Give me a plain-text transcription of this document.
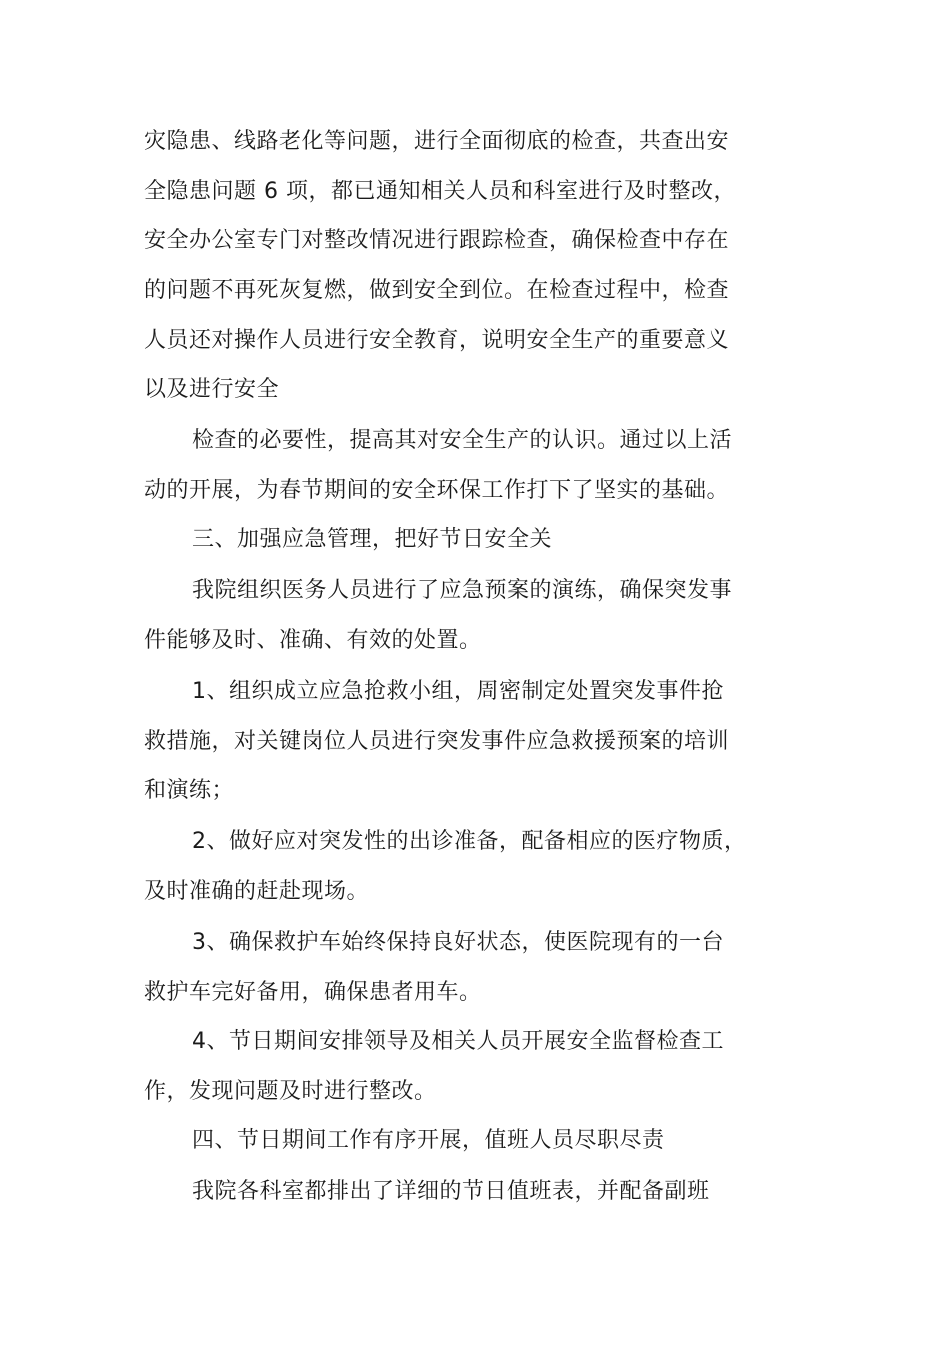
灾隐患、线路老化等问题，进行全面彻底的检查，共查出安
全隐患问题 6 项，都已通知相关人员和科室进行及时整改，
安全办公室专门对整改情况进行跟踪检查，确保检查中存在
的问题不再死灰复燃，做到安全到位。在检查过程中，检查
人员还对操作人员进行安全教育，说明安全生产的重要意义
以及进行安全
检查的必要性，提高其对安全生产的认识。通过以上活
动的开展，为春节期间的安全环保工作打下了坚实的基础。
三、加强应急管理，把好节日安全关
我院组织医务人员进行了应急预案的演练，确保突发事
件能够及时、准确、有效的处置。
1、组织成立应急抢救小组，周密制定处置突发事件抢
救措施，对关键岗位人员进行突发事件应急救援预案的培训
和演练；
2、做好应对突发性的出诊准备，配备相应的医疗物质，
及时准确的赶赴现场。
3、确保救护车始终保持良好状态，使医院现有的一台
救护车完好备用，确保患者用车。
4、节日期间安排领导及相关人员开展安全监督检查工
作，发现问题及时进行整改。
四、节日期间工作有序开展，值班人员尽职尽责
我院各科室都排出了详细的节日值班表，并配备副班
